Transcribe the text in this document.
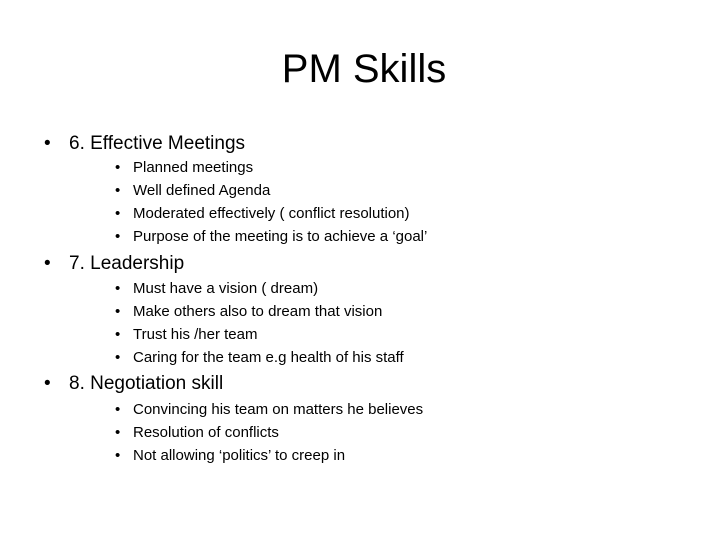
PM Skills
• 6. Effective Meetings
• Planned meetings
• Well defined Agenda
• Moderated effectively ( conflict resolution)
• Purpose of the meeting is to achieve a ‘goal’
• 7. Leadership
• Must have a vision ( dream)
• Make others also to dream that vision
• Trust his /her team
• Caring for the team e.g health of his staff
• 8. Negotiation skill
• Convincing his team on matters he believes
• Resolution of conflicts
• Not allowing ‘politics’ to creep in
